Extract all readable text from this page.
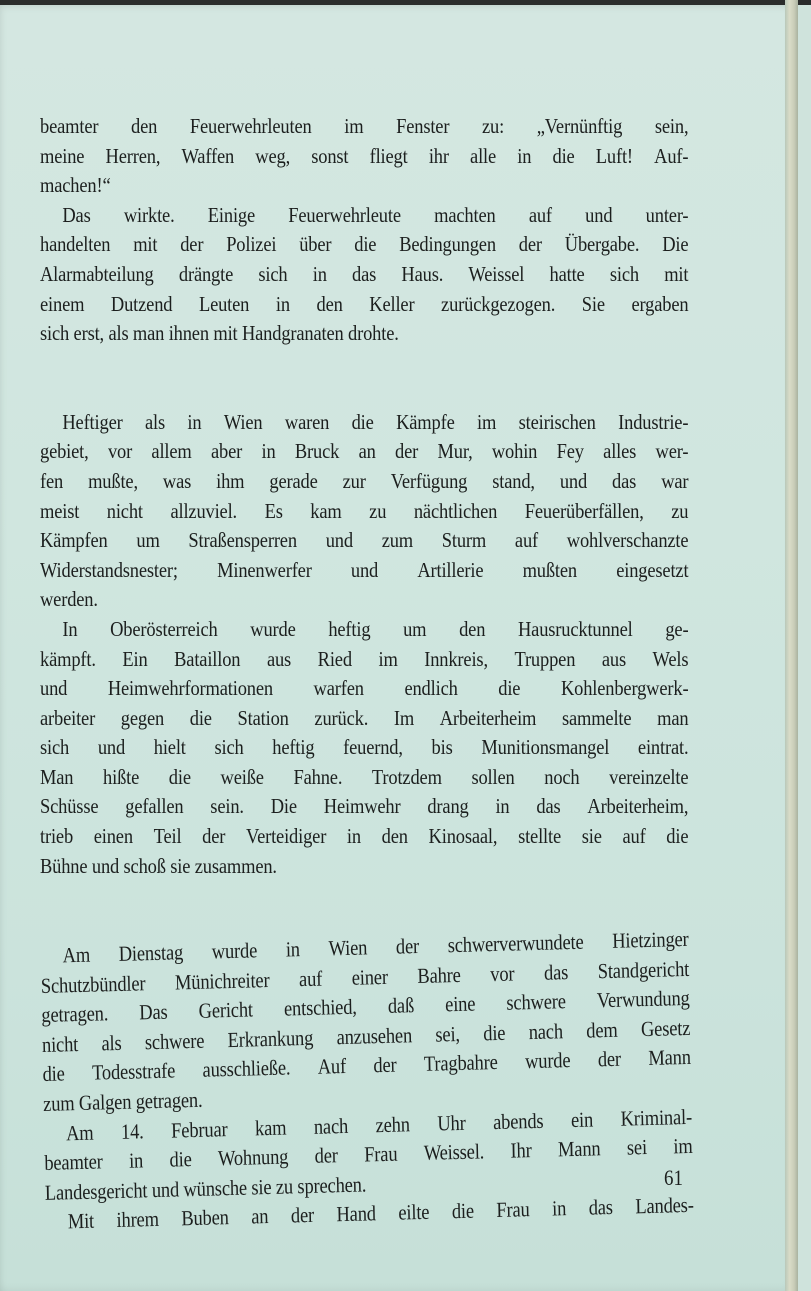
beamter den Feuerwehrleuten im Fenster zu: „Vernünftig sein,
meine Herren, Waffen weg, sonst fliegt ihr alle in die Luft! Auf-
machen!“
Das wirkte. Einige Feuerwehrleute machten auf und unter-
handelten mit der Polizei über die Bedingungen der Übergabe. Die
Alarmabteilung drängte sich in das Haus. Weissel hatte sich mit
einem Dutzend Leuten in den Keller zurückgezogen. Sie ergaben
sich erst, als man ihnen mit Handgranaten drohte.
Heftiger als in Wien waren die Kämpfe im steirischen Industrie-
gebiet, vor allem aber in Bruck an der Mur, wohin Fey alles wer-
fen mußte, was ihm gerade zur Verfügung stand, und das war
meist nicht allzuviel. Es kam zu nächtlichen Feuerüberfällen, zu
Kämpfen um Straßensperren und zum Sturm auf wohlverschanzte
Widerstandsnester; Minenwerfer und Artillerie mußten eingesetzt
werden.
In Oberösterreich wurde heftig um den Hausrucktunnel ge-
kämpft. Ein Bataillon aus Ried im Innkreis, Truppen aus Wels
und Heimwehrformationen warfen endlich die Kohlenbergwerk-
arbeiter gegen die Station zurück. Im Arbeiterheim sammelte man
sich und hielt sich heftig feuernd, bis Munitionsmangel eintrat.
Man hißte die weiße Fahne. Trotzdem sollen noch vereinzelte
Schüsse gefallen sein. Die Heimwehr drang in das Arbeiterheim,
trieb einen Teil der Verteidiger in den Kinosaal, stellte sie auf die
Bühne und schoß sie zusammen.
Am Dienstag wurde in Wien der schwerverwundete Hietzinger
Schutzbündler Münichreiter auf einer Bahre vor das Standgericht
getragen. Das Gericht entschied, daß eine schwere Verwundung
nicht als schwere Erkrankung anzusehen sei, die nach dem Gesetz
die Todesstrafe ausschließe. Auf der Tragbahre wurde der Mann
zum Galgen getragen.
Am 14. Februar kam nach zehn Uhr abends ein Kriminal-
beamter in die Wohnung der Frau Weissel. Ihr Mann sei im
Landesgericht und wünsche sie zu sprechen.
Mit ihrem Buben an der Hand eilte die Frau in das Landes-
61
